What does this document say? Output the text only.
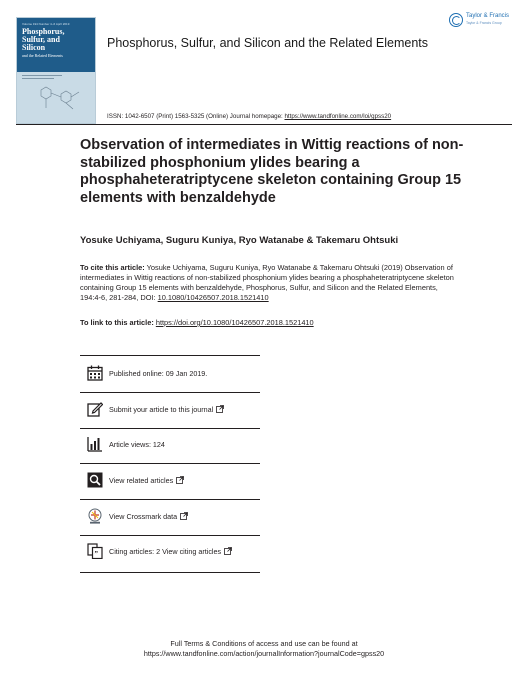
Volume 194 Number 4–6 April 2019
Phosphorus,
Sulfur, and
Silicon
and the Related Elements
Phosphorus, Sulfur, and Silicon and the Related Elements
Taylor & Francis
Taylor & Francis Group
ISSN: 1042-6507 (Print) 1563-5325 (Online) Journal homepage: https://www.tandfonline.com/loi/gpss20
Observation of intermediates in Wittig reactions of non-stabilized phosphonium ylides bearing a phosphaheteratriptycene skeleton containing Group 15 elements with benzaldehyde
Yosuke Uchiyama, Suguru Kuniya, Ryo Watanabe & Takemaru Ohtsuki
To cite this article: Yosuke Uchiyama, Suguru Kuniya, Ryo Watanabe & Takemaru Ohtsuki (2019) Observation of intermediates in Wittig reactions of non-stabilized phosphonium ylides bearing a phosphaheteratriptycene skeleton containing Group 15 elements with benzaldehyde, Phosphorus, Sulfur, and Silicon and the Related Elements, 194:4-6, 281-284, DOI: 10.1080/10426507.2018.1521410
To link to this article: https://doi.org/10.1080/10426507.2018.1521410
Published online: 09 Jan 2019.
Submit your article to this journal
Article views: 124
View related articles
View Crossmark data
” Citing articles: 2 View citing articles
Full Terms & Conditions of access and use can be found at
https://www.tandfonline.com/action/journalInformation?journalCode=gpss20
